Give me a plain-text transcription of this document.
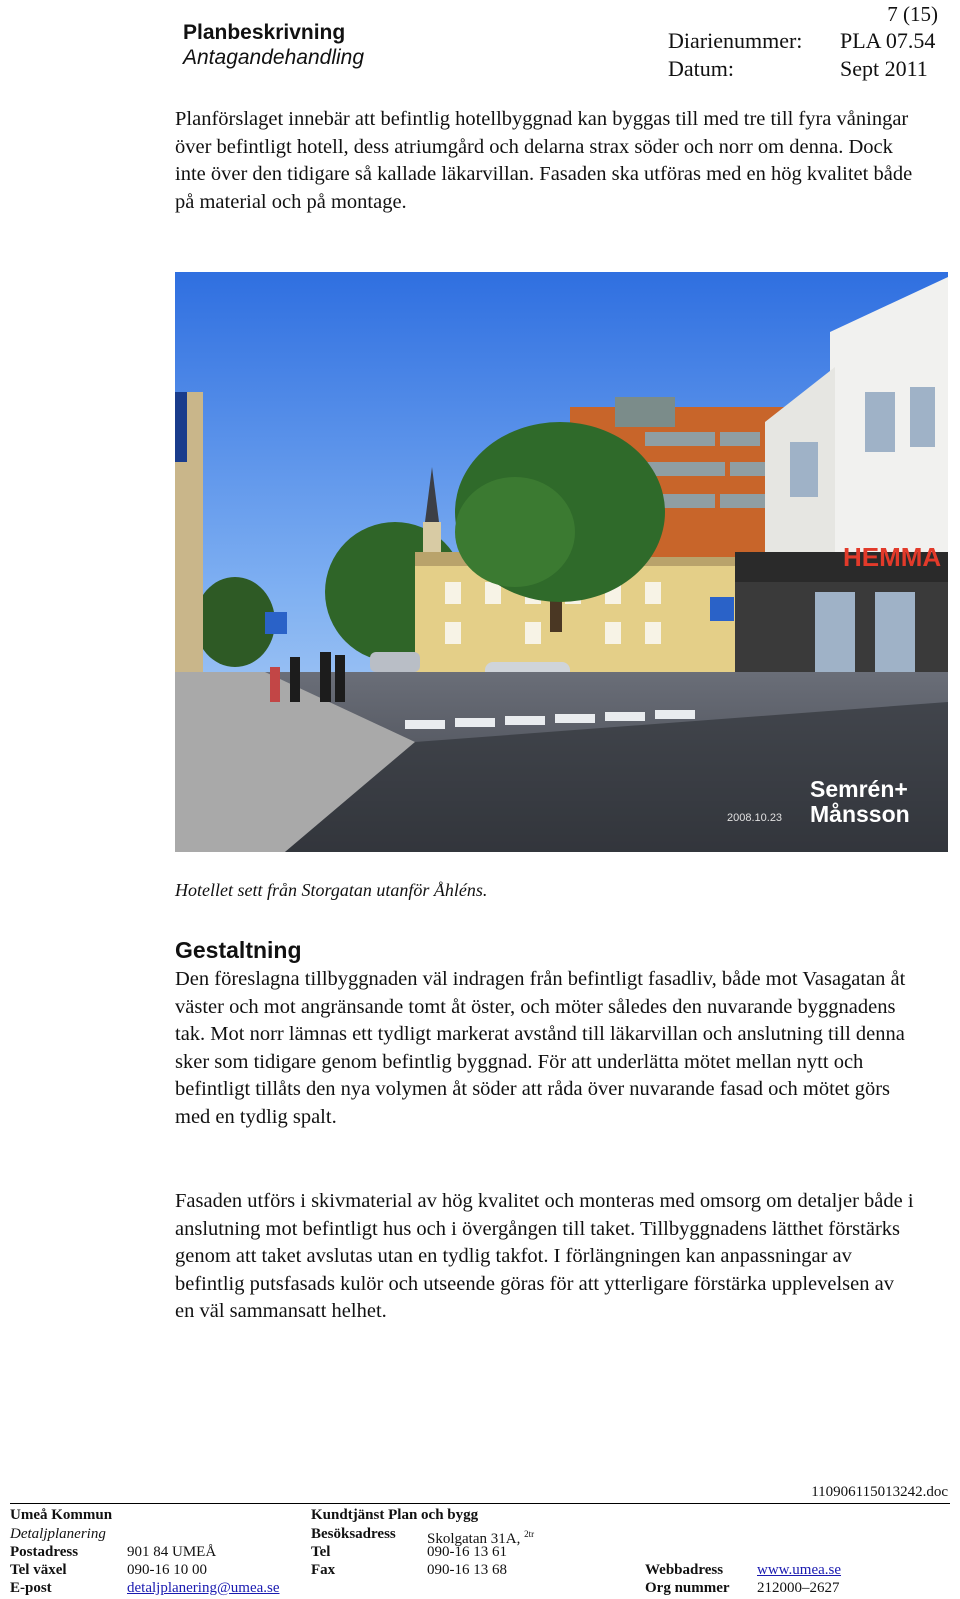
7 (15)
Planbeskrivning
Antagandehandling
Diarienummer: PLA 07.54
Datum:	Sept 2011

Planförslaget innebär att befintlig hotellbyggnad kan byggas till med tre till fyra våningar över befintligt hotell, dess atriumgård och delarna strax söder och norr om denna. Dock inte över den tidigare så kallade läkarvillan. Fasaden ska utföras med en hög kvalitet både på material och på montage.

HEMMA
Semrén+
Månsson
2008.10.23
Hotellet sett från Storgatan utanför Åhléns.
Gestaltning

Den föreslagna tillbyggnaden väl indragen från befintligt fasadliv, både mot Vasagatan åt väster och mot angränsande tomt åt öster, och möter således den nuvarande byggnadens tak. Mot norr lämnas ett tydligt markerat avstånd till läkarvillan och anslutning till denna sker som tidigare genom befintlig byggnad. För att underlätta mötet mellan nytt och befintligt tillåts den nya volymen åt söder att råda över nuvarande fasad och mötet görs med en tydlig spalt.

Fasaden utförs i skivmaterial av hög kvalitet och monteras med omsorg om detaljer både i anslutning mot befintligt hus och i övergången till taket. Tillbyggnadens lätthet förstärks genom att taket avslutas utan en tydlig takfot. I förlängningen kan anpassningar av befintlig putsfasads kulör och utseende göras för att ytterligare förstärka upplevelsen av en väl sammansatt helhet.

110906115013242.doc
Umeå Kommun
Detaljplanering
Postadress	901 84 UMEÅ
Tel växel	090-16 10 00
E-post	detaljplanering@umea.se
Kundtjänst Plan och bygg
Besöksadress Skolgatan 31A, $^{2tr}$
Tel	090-16 13 61
Fax	090-16 13 68	Webbadress www.umea.se
Org nummer 212000–2627
